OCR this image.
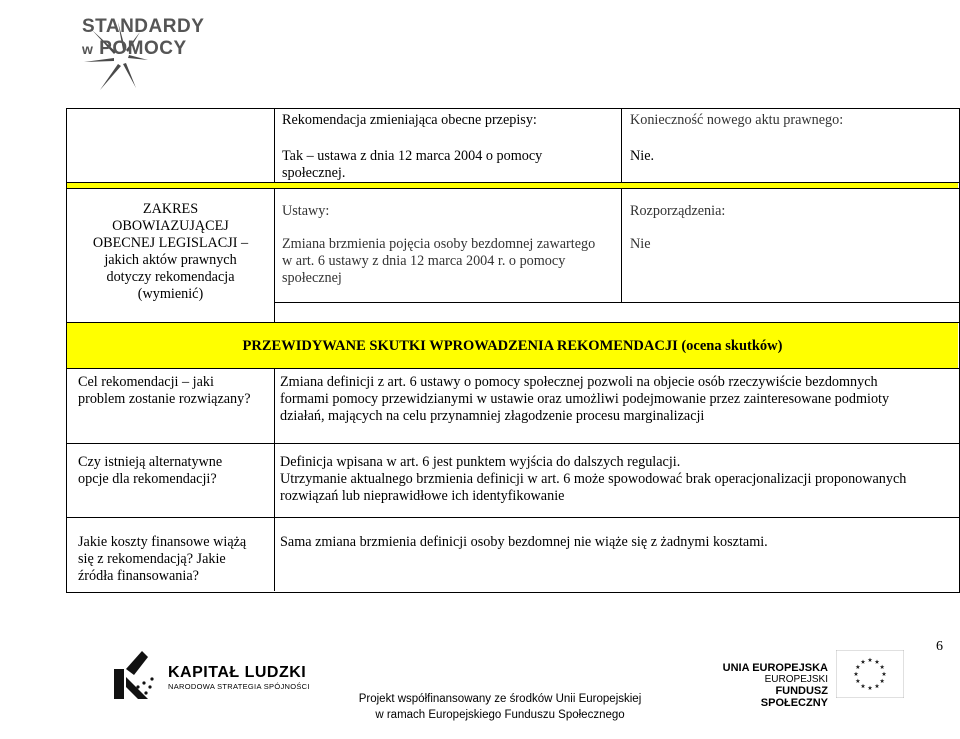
STANDARDY
w POMOCY
PRZEWIDYWANE SKUTKI WPROWADZENIA REKOMENDACJI (ocena skutków)
Rekomendacja zmieniająca obecne przepisy:	Konieczność nowego aktu prawnego:
Tak – ustawa z dnia 12 marca 2004 o pomocy
społecznej.
Nie.
ZAKRES
OBOWIAZUJĄCEJ
OBECNEJ LEGISLACJI –
jakich aktów prawnych
dotyczy rekomendacja
(wymienić)
Ustawy:
Zmiana brzmienia pojęcia osoby bezdomnej zawartego
w art. 6 ustawy z dnia 12 marca 2004 r. o pomocy
społecznej
Rozporządzenia:
Nie
Cel rekomendacji – jaki
problem zostanie rozwiązany?
Zmiana definicji z art. 6 ustawy o pomocy społecznej pozwoli na objecie osób rzeczywiście bezdomnych
formami pomocy przewidzianymi w ustawie oraz umożliwi podejmowanie przez zainteresowane podmioty
działań, mających na celu przynamniej złagodzenie procesu marginalizacji
Czy istnieją alternatywne
opcje dla rekomendacji?
Definicja wpisana w art. 6 jest punktem wyjścia do dalszych regulacji.
Utrzymanie aktualnego brzmienia definicji w art. 6 może spowodować brak operacjonalizacji proponowanych
rozwiązań lub nieprawidłowe ich identyfikowanie
Jakie koszty finansowe wiążą
się z rekomendacją? Jakie
źródła finansowania?
Sama zmiana brzmienia definicji osoby bezdomnej nie wiąże się z żadnymi kosztami.
6
KAPITAŁ LUDZKI
NARODOWA STRATEGIA SPÓJNOŚCI
UNIA EUROPEJSKA
EUROPEJSKI
FUNDUSZ SPOŁECZNY
Projekt współfinansowany ze środków Unii Europejskiej
w ramach Europejskiego Funduszu Społecznego
